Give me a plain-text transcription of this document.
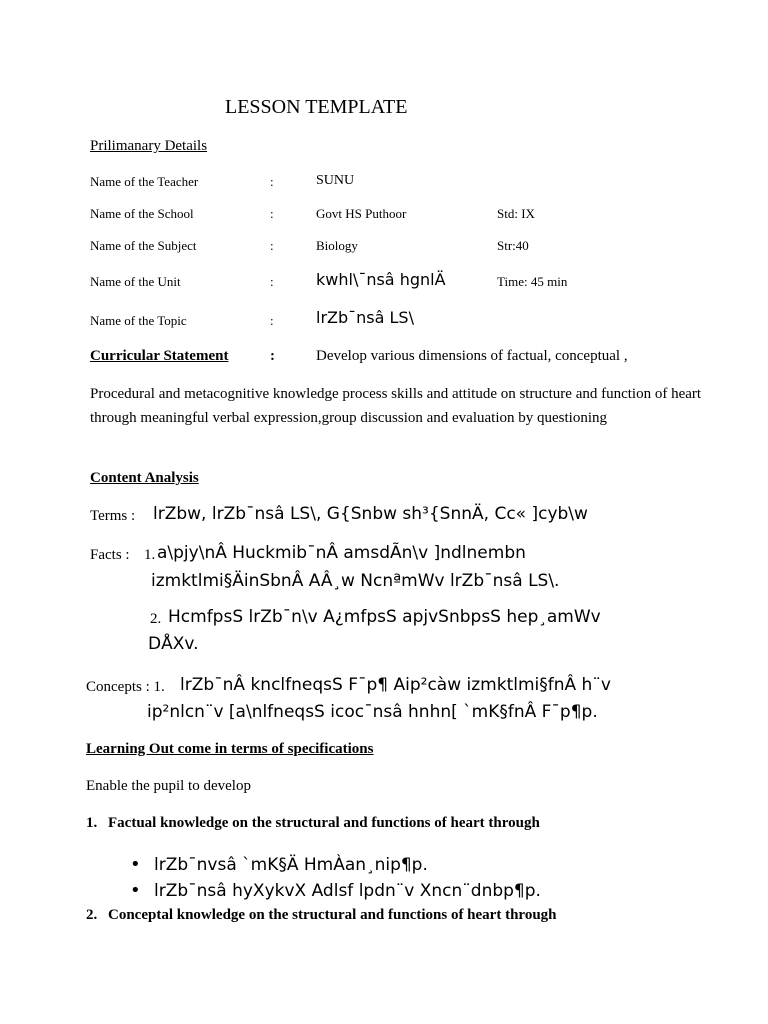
LESSON TEMPLATE
Prilimanary Details
Name of the Teacher	:	SUNU
Name of the School	:	Govt HS Puthoor	Std: IX
Name of the Subject	:	Biology	Str:40
Name of the Unit	:	kwhl\¯nsâ hgnlÄ	Time: 45 min
Name of the Topic	:	lrZb¯nsâ LS\
Curricular Statement	:	Develop various dimensions of factual, conceptual ,
Procedural and metacognitive knowledge process skills and attitude on structure and function of heart through meaningful verbal expression,group discussion and evaluation by questioning
Content Analysis
Terms : lrZbw, lrZb¯nsâ LS\, G{Snbw sh³{SnnÄ, Cc« ]cyb\w
Facts : 1. a\pjy\nÂ Huckmib¯nÂ amsdÃn\v ]ndlnembn
izmktlmi§ÄinSbnÂ AÂ¸w NcnªmWv lrZb¯nsâ LS\.
2. HcmfpsS lrZb¯n\v A¿mfpsS apjvSnbpsS hep¸amWv
DÅXv.
Concepts : 1. lrZb¯nÂ knclfneqsS F¯p¶ Aip²càw izmktlmi§fnÂ h¨v
ip²nlcn¨v [a\nlfneqsS icoc¯nsâ hnhn[ `mK§fnÂ F¯p¶p.
Learning Out come in terms of specifications
Enable the pupil to develop
1. Factual knowledge on the structural and functions of heart through
• lrZb¯nvsâ `mK§Ä HmÀan¸nip¶p.
• lrZb¯nsâ hyXykvX Adlsf lpdn¨v Xncn¨dnbp¶p.
2. Conceptal knowledge on the structural and functions of heart through
